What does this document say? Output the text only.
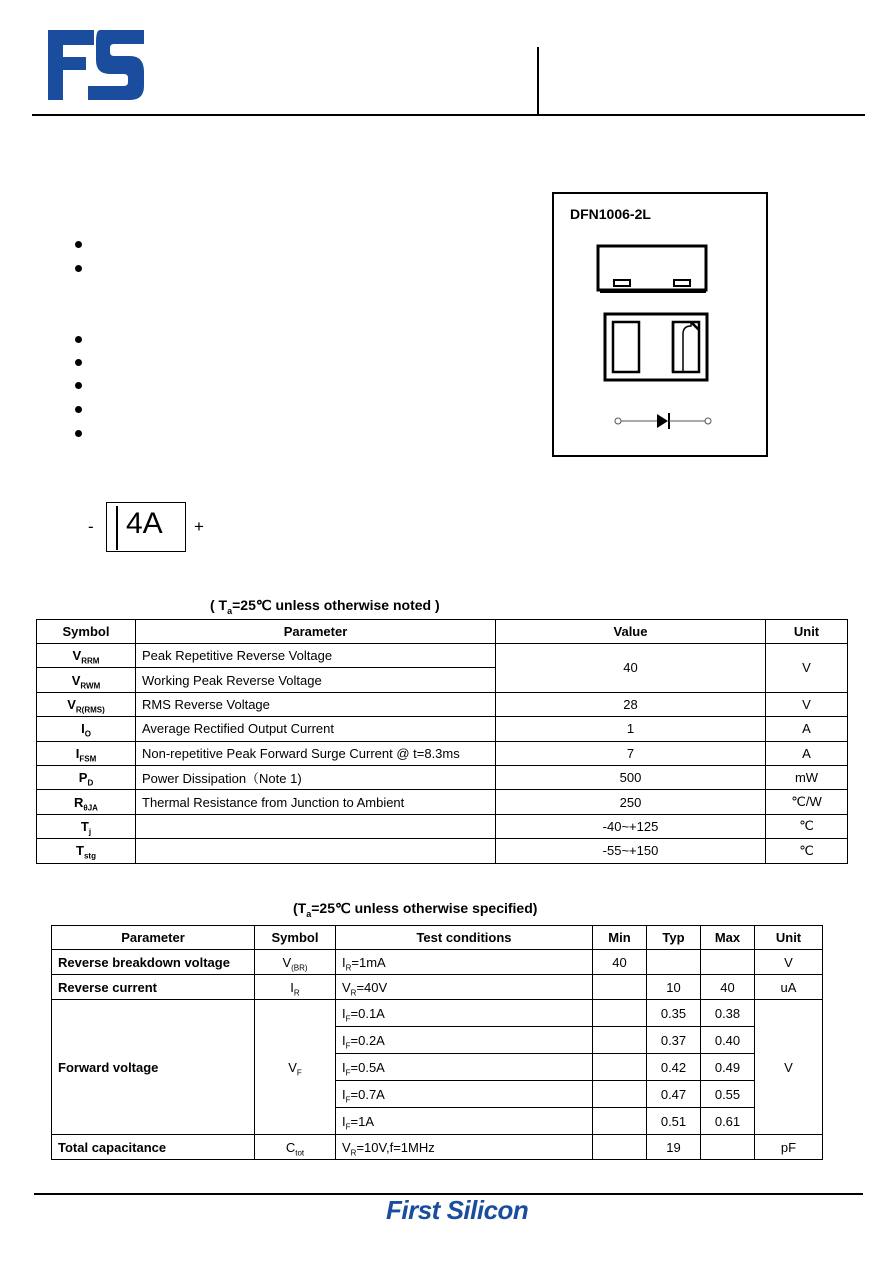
DFN1006-2L
- 4A +
( $T_a=25℃$ unless otherwise noted )
Symbol	Parameter	Value	Unit
$V_{RRM}$	Peak Repetitive Reverse Voltage	40	V
$V_{RWM}$	Working Peak Reverse Voltage		
$V_{R(RMS)}$	RMS Reverse Voltage	28	V
$I_O$	Average Rectified Output Current	1	A
$I_{FSM}$	Non-repetitive Peak Forward Surge Current @ t=8.3ms	7	A
$P_D$	Power Dissipation（Note 1)	500	mW
$R_{\theta JA}$	Thermal Resistance from Junction to Ambient	250	℃/W
$T_j$		-40~+125	℃
$T_{stg}$		-55~+150	℃
($T_a=25℃$ unless otherwise specified)
Parameter	Symbol	Test conditions	Min	Typ	Max	Unit
Reverse breakdown voltage	$V_{(BR)}$	$I_R=1mA$	40			V
Reverse current	$I_R$	$V_R=40V$		10	40	uA
Forward voltage	$V_F$	$I_F=0.1A$		0.35	0.38	V
		$I_F=0.2A$		0.37	0.40	
		$I_F=0.5A$		0.42	0.49	
		$I_F=0.7A$		0.47	0.55	
		$I_F=1A$		0.51	0.61	
Total capacitance	$C_{tot}$	$V_R=10V,f=1MHz$		19		pF
First Silicon
